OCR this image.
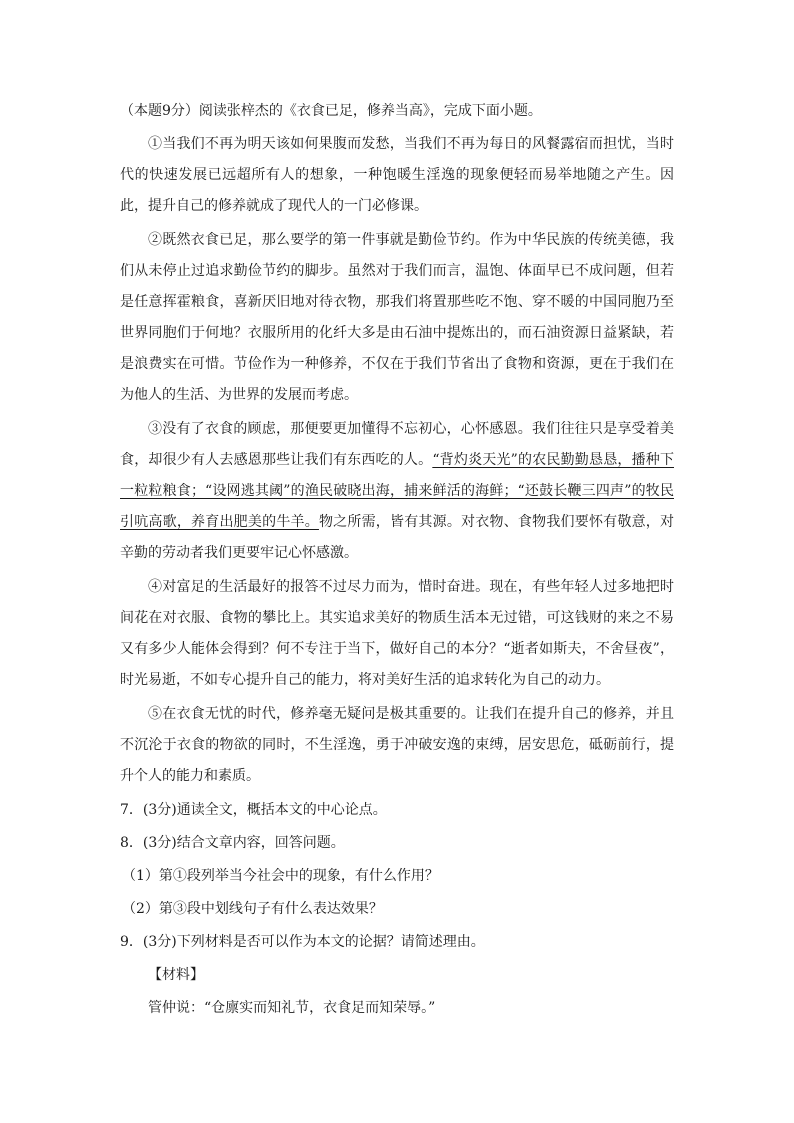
（本题9分）阅读张梓杰的《衣食已足，修养当高》，完成下面小题。

①当我们不再为明天该如何果腹而发愁，当我们不再为每日的风餐露宿而担忧，当时代的快速发展已远超所有人的想象，一种饱暖生淫逸的现象便轻而易举地随之产生。因此，提升自己的修养就成了现代人的一门必修课。

②既然衣食已足，那么要学的第一件事就是勤俭节约。作为中华民族的传统美德，我们从未停止过追求勤俭节约的脚步。虽然对于我们而言，温饱、体面早已不成问题，但若是任意挥霍粮食，喜新厌旧地对待衣物，那我们将置那些吃不饱、穿不暖的中国同胞乃至世界同胞们于何地？衣服所用的化纤大多是由石油中提炼出的，而石油资源日益紧缺，若是浪费实在可惜。节俭作为一种修养，不仅在于我们节省出了食物和资源，更在于我们在为他人的生活、为世界的发展而考虑。

③没有了衣食的顾虑，那便要更加懂得不忘初心，心怀感恩。我们往往只是享受着美食，却很少有人去感恩那些让我们有东西吃的人。“背灼炎天光”的农民勤勤恳恳，播种下一粒粒粮食；“设网逃其阈”的渔民破晓出海，捕来鲜活的海鲜；“还鼓长鞭三四声”的牧民引吭高歌，养育出肥美的牛羊。物之所需，皆有其源。对衣物、食物我们要怀有敬意，对辛勤的劳动者我们更要牢记心怀感激。

④对富足的生活最好的报答不过尽力而为，惜时奋进。现在，有些年轻人过多地把时间花在对衣服、食物的攀比上。其实追求美好的物质生活本无过错，可这钱财的来之不易又有多少人能体会得到？何不专注于当下，做好自己的本分？“逝者如斯夫，不舍昼夜”，时光易逝，不如专心提升自己的能力，将对美好生活的追求转化为自己的动力。

⑤在衣食无忧的时代，修养毫无疑问是极其重要的。让我们在提升自己的修养，并且不沉沦于衣食的物欲的同时，不生淫逸，勇于冲破安逸的束缚，居安思危，砥砺前行，提升个人的能力和素质。

7．(3分)通读全文，概括本文的中心论点。

8．(3分)结合文章内容，回答问题。

（1）第①段列举当今社会中的现象，有什么作用？

（2）第③段中划线句子有什么表达效果？

9．(3分)下列材料是否可以作为本文的论据？请简述理由。

【材料】

管仲说：“仓廪实而知礼节，衣食足而知荣辱。”
